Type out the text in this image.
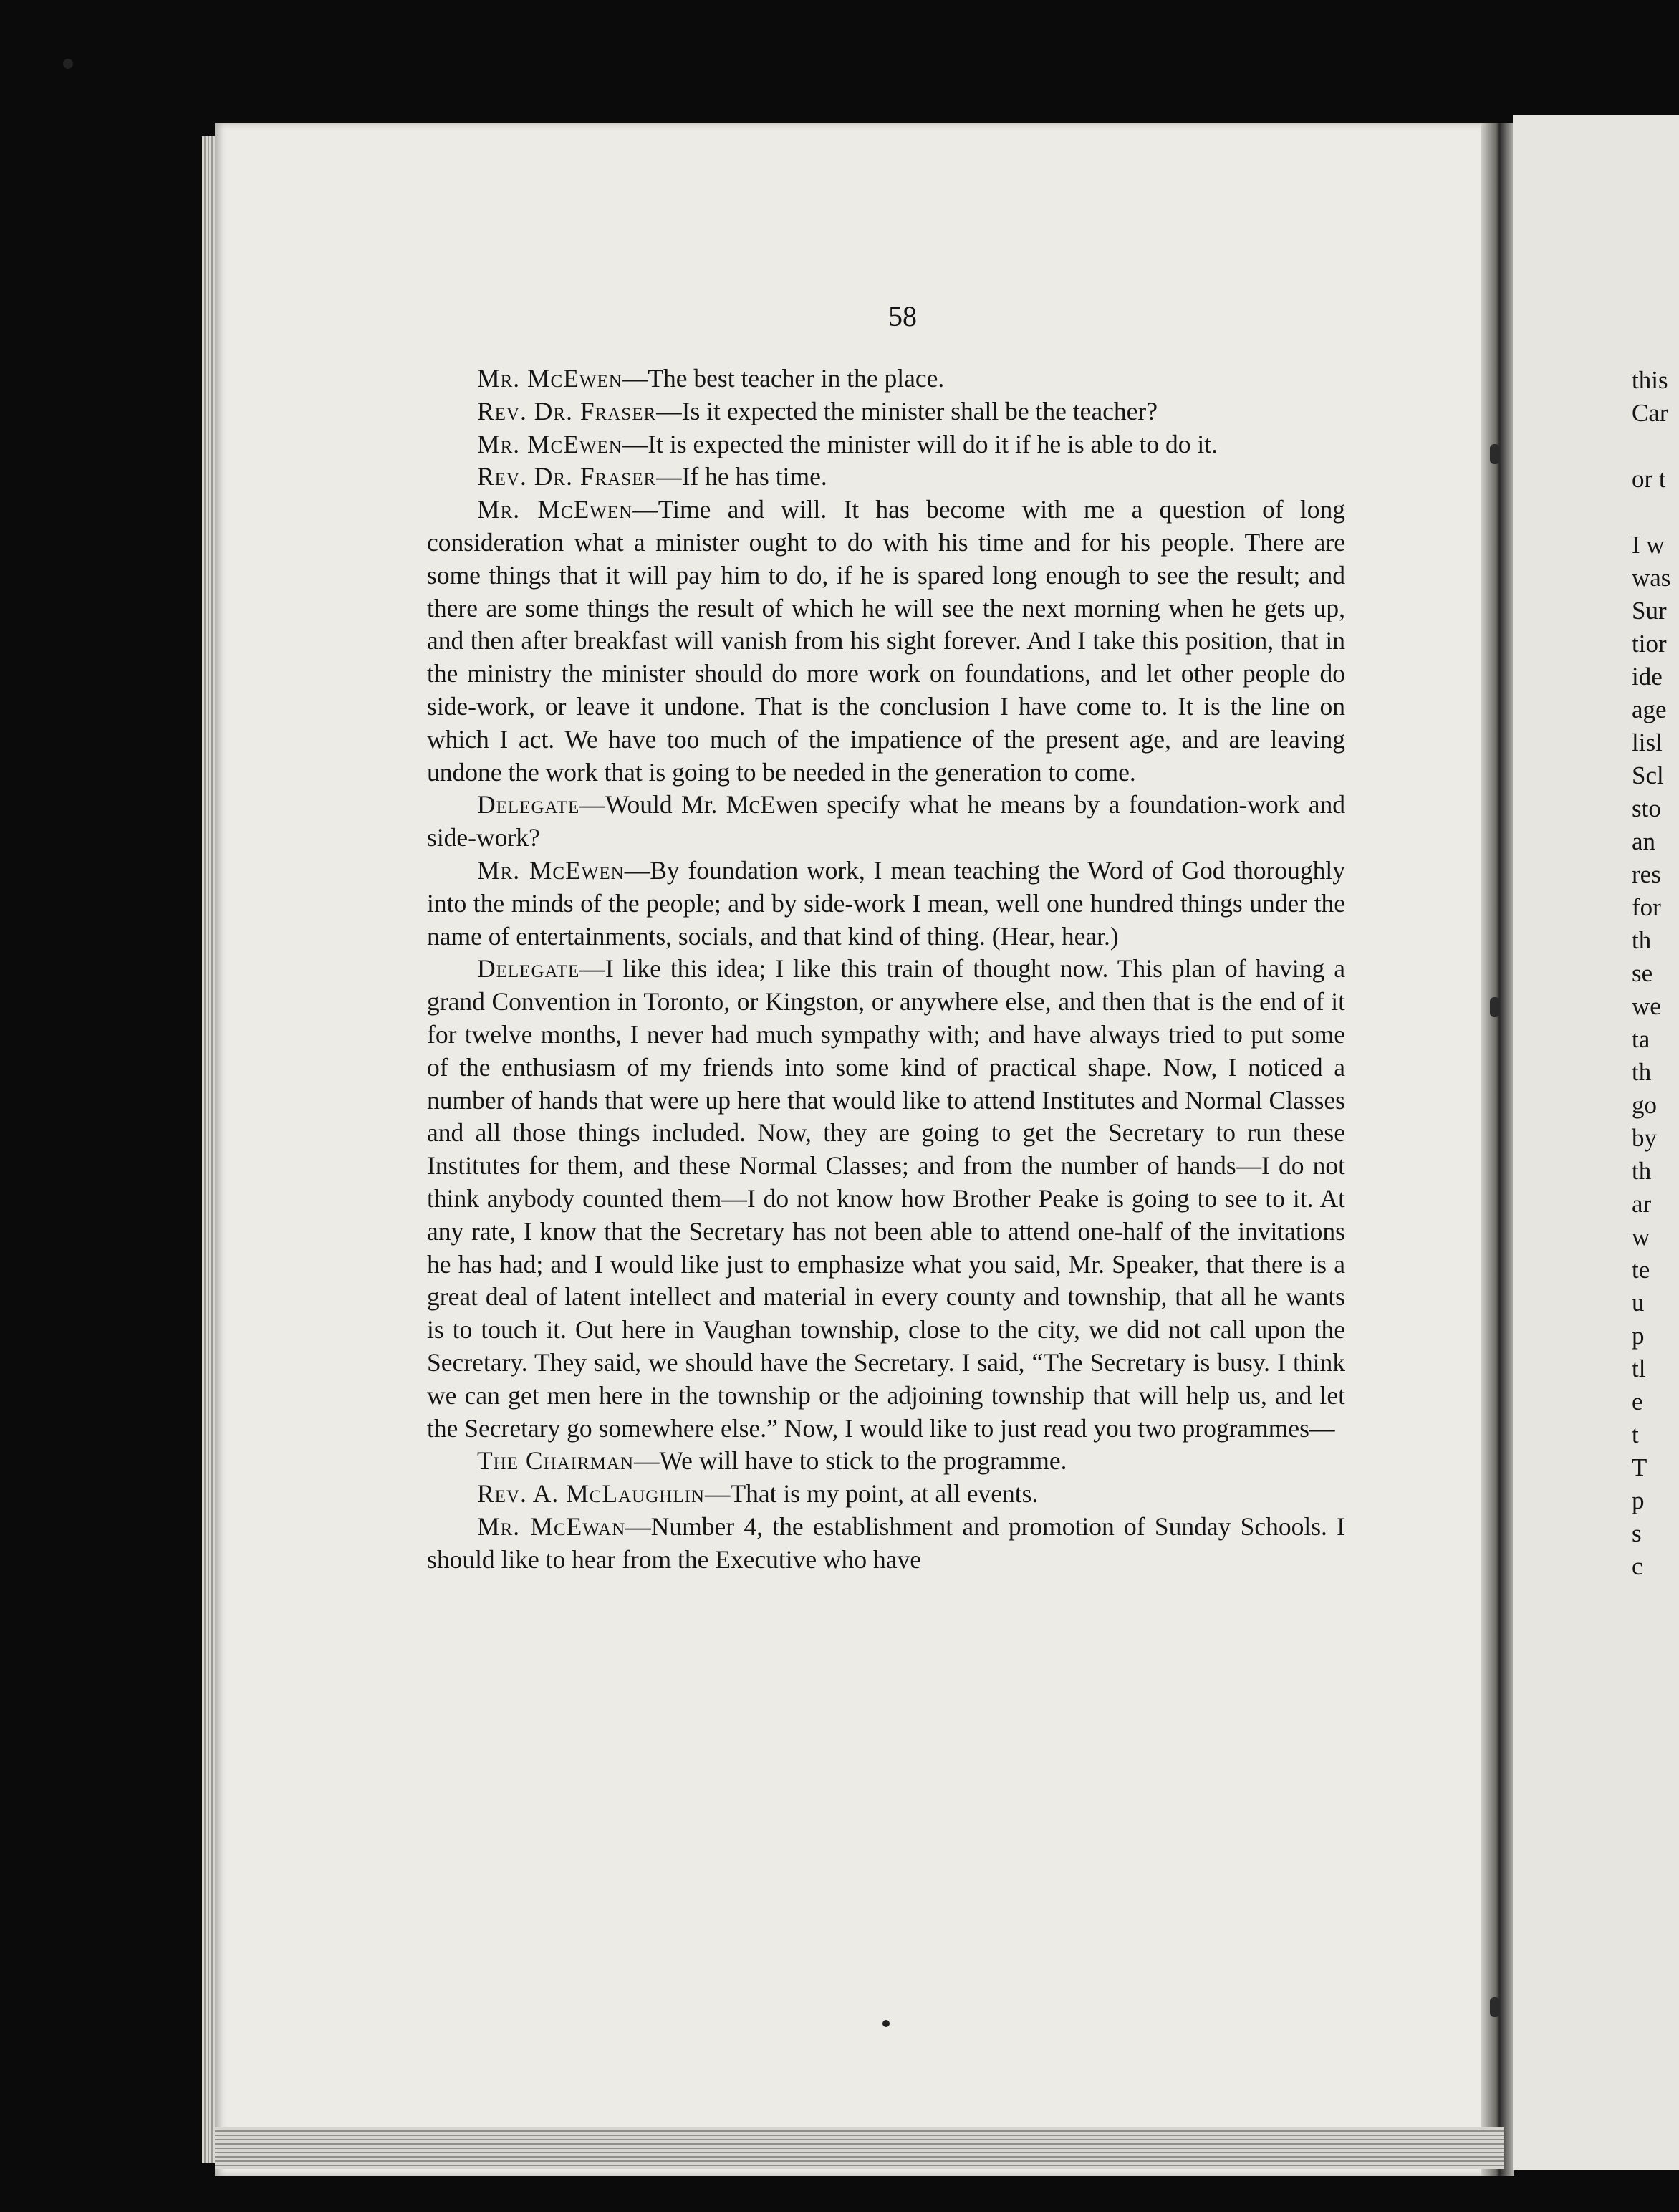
58

Mr. McEwen—The best teacher in the place.

Rev. Dr. Fraser—Is it expected the minister shall be the teacher?

Mr. McEwen—It is expected the minister will do it if he is able to do it.

Rev. Dr. Fraser—If he has time.

Mr. McEwen—Time and will. It has become with me a question of long consideration what a minister ought to do with his time and for his people. There are some things that it will pay him to do, if he is spared long enough to see the result; and there are some things the result of which he will see the next morning when he gets up, and then after breakfast will vanish from his sight forever. And I take this position, that in the ministry the minister should do more work on foundations, and let other people do side-work, or leave it undone. That is the conclusion I have come to. It is the line on which I act. We have too much of the impatience of the present age, and are leaving undone the work that is going to be needed in the generation to come.

Delegate—Would Mr. McEwen specify what he means by a foundation-work and side-work?

Mr. McEwen—By foundation work, I mean teaching the Word of God thoroughly into the minds of the people; and by side-work I mean, well one hundred things under the name of entertainments, socials, and that kind of thing. (Hear, hear.)

Delegate—I like this idea; I like this train of thought now. This plan of having a grand Convention in Toronto, or Kingston, or anywhere else, and then that is the end of it for twelve months, I never had much sympathy with; and have always tried to put some of the enthusiasm of my friends into some kind of practical shape. Now, I noticed a number of hands that were up here that would like to attend Institutes and Normal Classes and all those things included. Now, they are going to get the Secretary to run these Institutes for them, and these Normal Classes; and from the number of hands—I do not think anybody counted them—I do not know how Brother Peake is going to see to it. At any rate, I know that the Secretary has not been able to attend one-half of the invitations he has had; and I would like just to emphasize what you said, Mr. Speaker, that there is a great deal of latent intellect and material in every county and township, that all he wants is to touch it. Out here in Vaughan township, close to the city, we did not call upon the Secretary. They said, we should have the Secretary. I said, “The Secretary is busy. I think we can get men here in the township or the adjoining township that will help us, and let the Secretary go somewhere else.” Now, I would like to just read you two programmes—

The Chairman—We will have to stick to the programme.

Rev. A. McLaughlin—That is my point, at all events.

Mr. McEwan—Number 4, the establishment and promotion of Sunday Schools. I should like to hear from the Executive who have

this
Car
or t
I w
was
Sur
tior
ide
age
lisl
Scl
sto
an
res
for
th
se
we
ta
th
go
by
th
ar
w
te
u
p
tl
e
t
T
p
s
c
